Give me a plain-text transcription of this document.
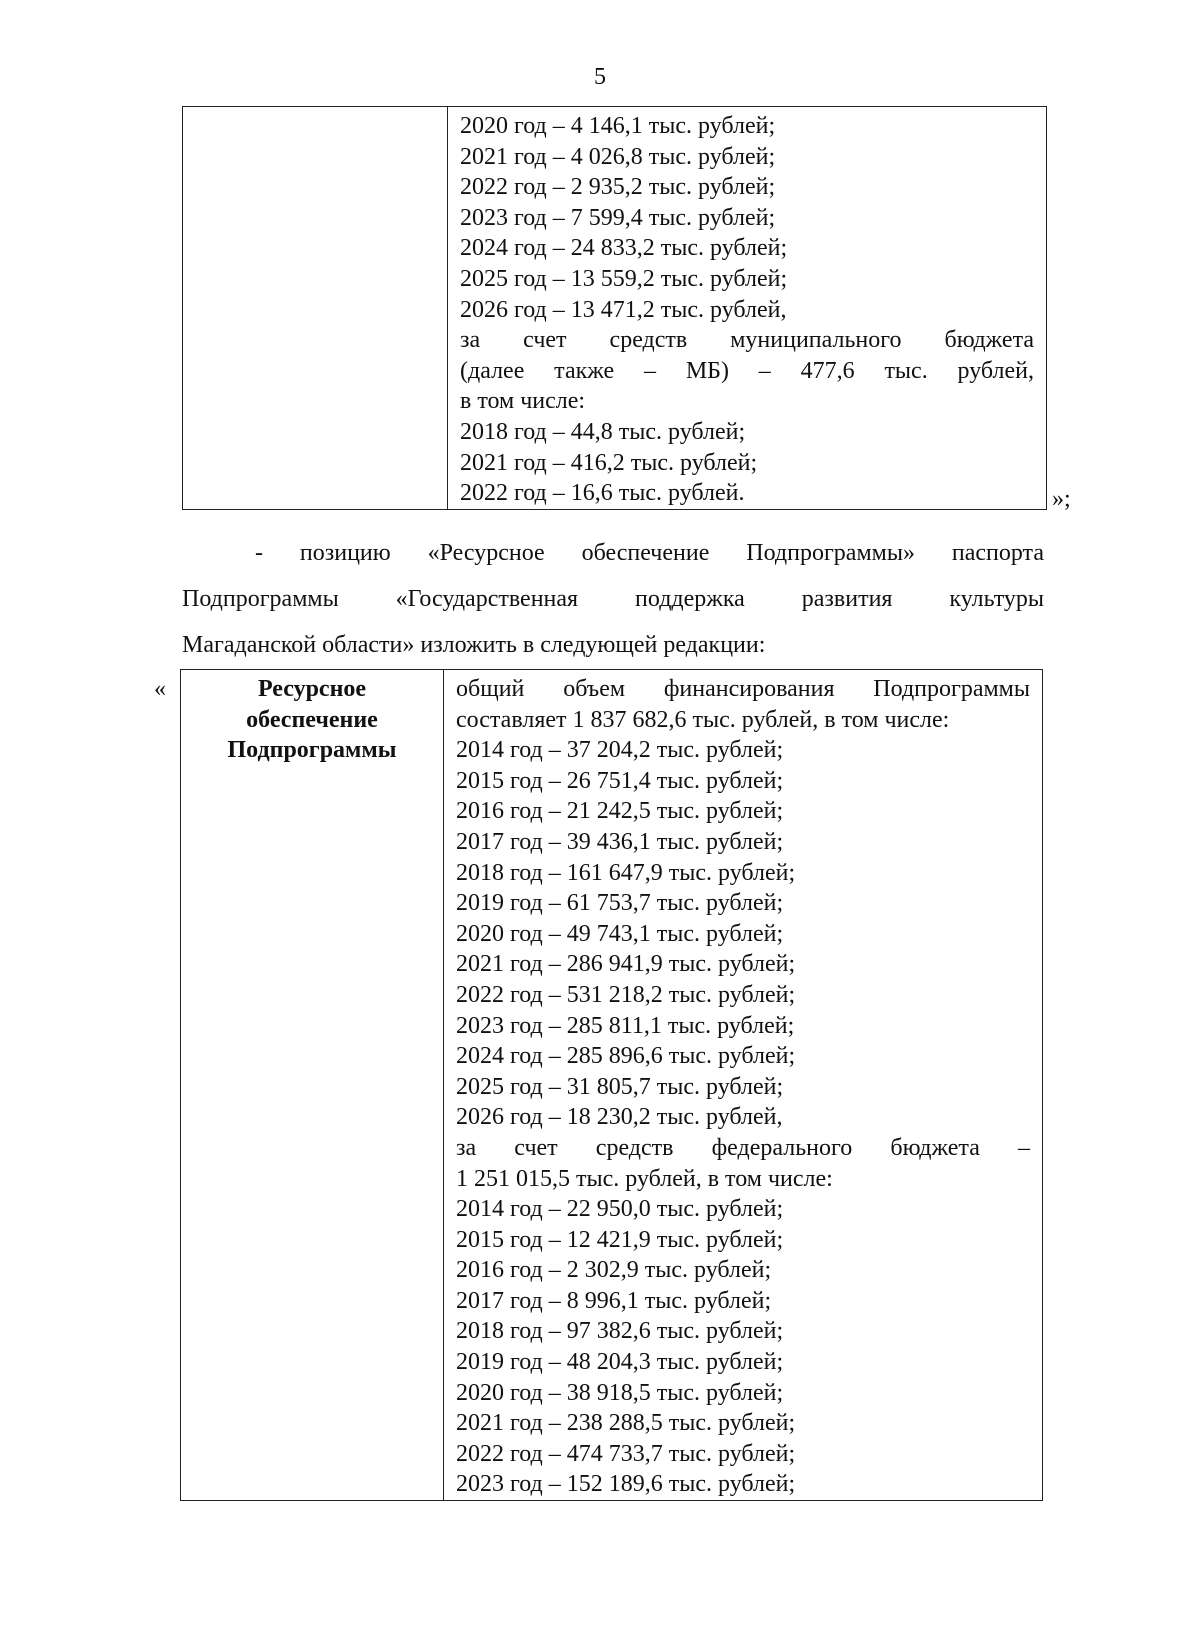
5

2020 год – 4 146,1 тыс. рублей;
2021 год – 4 026,8 тыс. рублей;
2022 год – 2 935,2 тыс. рублей;
2023 год – 7 599,4 тыс. рублей;
2024 год – 24 833,2 тыс. рублей;
2025 год – 13 559,2 тыс. рублей;
2026 год – 13 471,2 тыс. рублей,
за счет средств муниципального бюджета
(далее также – МБ) – 477,6 тыс. рублей,
в том числе:
2018 год – 44,8 тыс. рублей;
2021 год – 416,2 тыс. рублей;
2022 год – 16,6 тыс. рублей.	»;
- позицию «Ресурсное обеспечение Подпрограммы» паспорта
Подпрограммы «Государственная поддержка развития культуры
Магаданской области» изложить в следующей редакции:
«	Ресурсное
обеспечение
Подпрограммы

общий объем финансирования Подпрограммы
составляет 1 837 682,6 тыс. рублей, в том числе:
2014 год – 37 204,2 тыс. рублей;
2015 год – 26 751,4 тыс. рублей;
2016 год – 21 242,5 тыс. рублей;
2017 год – 39 436,1 тыс. рублей;
2018 год – 161 647,9 тыс. рублей;
2019 год – 61 753,7 тыс. рублей;
2020 год – 49 743,1 тыс. рублей;
2021 год – 286 941,9 тыс. рублей;
2022 год – 531 218,2 тыс. рублей;
2023 год – 285 811,1 тыс. рублей;
2024 год – 285 896,6 тыс. рублей;
2025 год – 31 805,7 тыс. рублей;
2026 год – 18 230,2 тыс. рублей,
за счет средств федерального бюджета –
1 251 015,5 тыс. рублей, в том числе:
2014 год – 22 950,0 тыс. рублей;
2015 год – 12 421,9 тыс. рублей;
2016 год – 2 302,9 тыс. рублей;
2017 год – 8 996,1 тыс. рублей;
2018 год – 97 382,6 тыс. рублей;
2019 год – 48 204,3 тыс. рублей;
2020 год – 38 918,5 тыс. рублей;
2021 год – 238 288,5 тыс. рублей;
2022 год – 474 733,7 тыс. рублей;
2023 год – 152 189,6 тыс. рублей;
